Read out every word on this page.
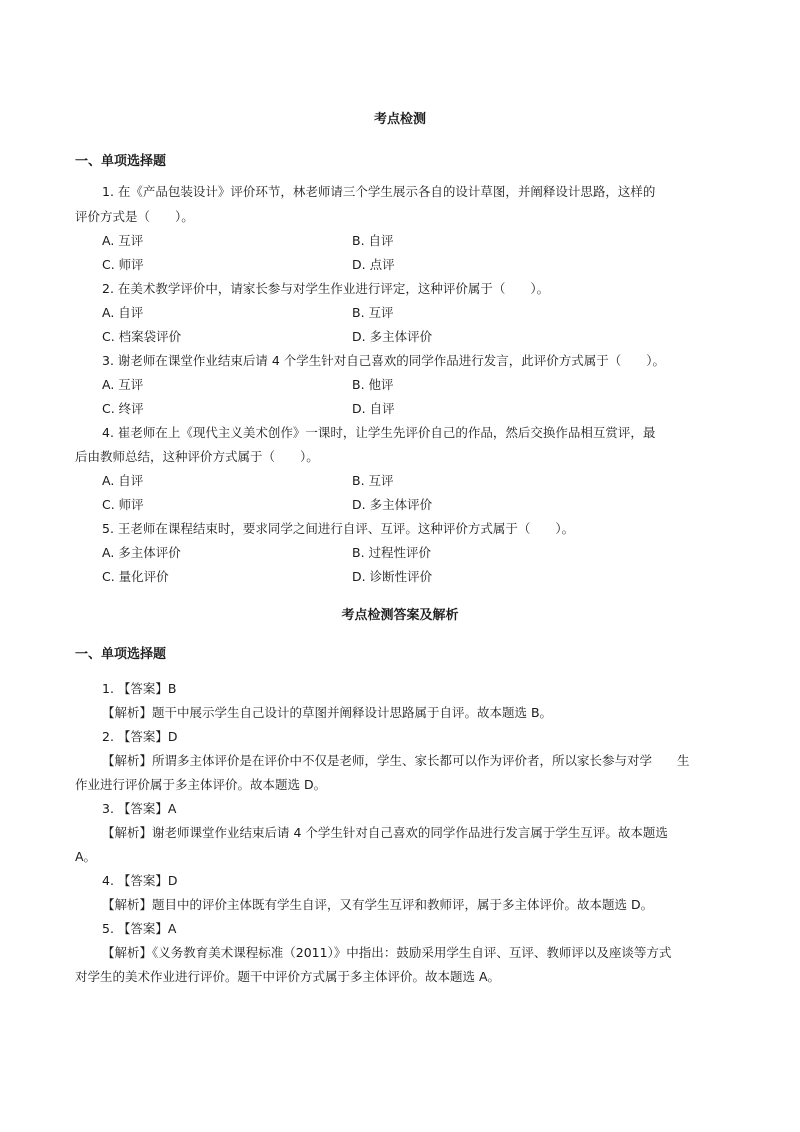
考点检测
一、单项选择题
1. 在《产品包装设计》评价环节，林老师请三个学生展示各自的设计草图，并阐释设计思路，这样的
评价方式是（　　）。
A. 互评	B. 自评
C. 师评	D. 点评
2. 在美术教学评价中，请家长参与对学生作业进行评定，这种评价属于（　　）。
A. 自评	B. 互评
C. 档案袋评价	D. 多主体评价
3. 谢老师在课堂作业结束后请 4 个学生针对自己喜欢的同学作品进行发言，此评价方式属于（　　）。
A. 互评	B. 他评
C. 终评	D. 自评
4. 崔老师在上《现代主义美术创作》一课时，让学生先评价自己的作品，然后交换作品相互赏评，最
后由教师总结，这种评价方式属于（　　）。
A. 自评	B. 互评
C. 师评	D. 多主体评价
5. 王老师在课程结束时，要求同学之间进行自评、互评。这种评价方式属于（　　）。
A. 多主体评价	B. 过程性评价
C. 量化评价	D. 诊断性评价
考点检测答案及解析
一、单项选择题
1. 【答案】B
【解析】题干中展示学生自己设计的草图并阐释设计思路属于自评。故本题选 B。
2. 【答案】D
【解析】所谓多主体评价是在评价中不仅是老师，学生、家长都可以作为评价者，所以家长参与对学　　生
作业进行评价属于多主体评价。故本题选 D。
3. 【答案】A
【解析】谢老师课堂作业结束后请 4 个学生针对自己喜欢的同学作品进行发言属于学生互评。故本题选
A。
4. 【答案】D
【解析】题目中的评价主体既有学生自评，又有学生互评和教师评，属于多主体评价。故本题选 D。
5. 【答案】A
【解析】《义务教育美术课程标准（2011）》中指出：鼓励采用学生自评、互评、教师评以及座谈等方式
对学生的美术作业进行评价。题干中评价方式属于多主体评价。故本题选 A。
